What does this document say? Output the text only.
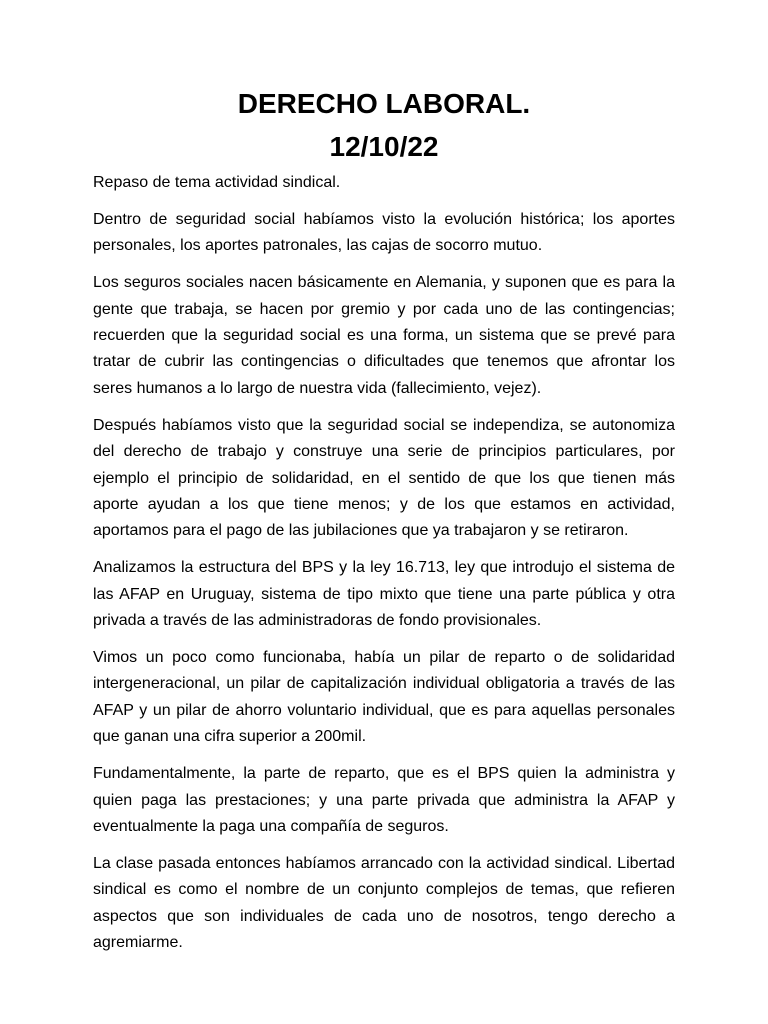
DERECHO LABORAL.
12/10/22

Repaso de tema actividad sindical.

Dentro de seguridad social habíamos visto la evolución histórica; los aportes personales, los aportes patronales, las cajas de socorro mutuo.

Los seguros sociales nacen básicamente en Alemania, y suponen que es para la gente que trabaja, se hacen por gremio y por cada uno de las contingencias; recuerden que la seguridad social es una forma, un sistema que se prevé para tratar de cubrir las contingencias o dificultades que tenemos que afrontar los seres humanos a lo largo de nuestra vida (fallecimiento, vejez).

Después habíamos visto que la seguridad social se independiza, se autonomiza del derecho de trabajo y construye una serie de principios particulares, por ejemplo el principio de solidaridad, en el sentido de que los que tienen más aporte ayudan a los que tiene menos; y de los que estamos en actividad, aportamos para el pago de las jubilaciones que ya trabajaron y se retiraron.

Analizamos la estructura del BPS y la ley 16.713, ley que introdujo el sistema de las AFAP en Uruguay, sistema de tipo mixto que tiene una parte pública y otra privada a través de las administradoras de fondo provisionales.

Vimos un poco como funcionaba, había un pilar de reparto o de solidaridad intergeneracional, un pilar de capitalización individual obligatoria a través de las AFAP y un pilar de ahorro voluntario individual, que es para aquellas personales que ganan una cifra superior a 200mil.

Fundamentalmente, la parte de reparto, que es el BPS quien la administra y quien paga las prestaciones; y una parte privada que administra la AFAP y eventualmente la paga una compañía de seguros.

La clase pasada entonces habíamos arrancado con la actividad sindical. Libertad sindical es como el nombre de un conjunto complejos de temas, que refieren aspectos que son individuales de cada uno de nosotros, tengo derecho a agremiarme.
